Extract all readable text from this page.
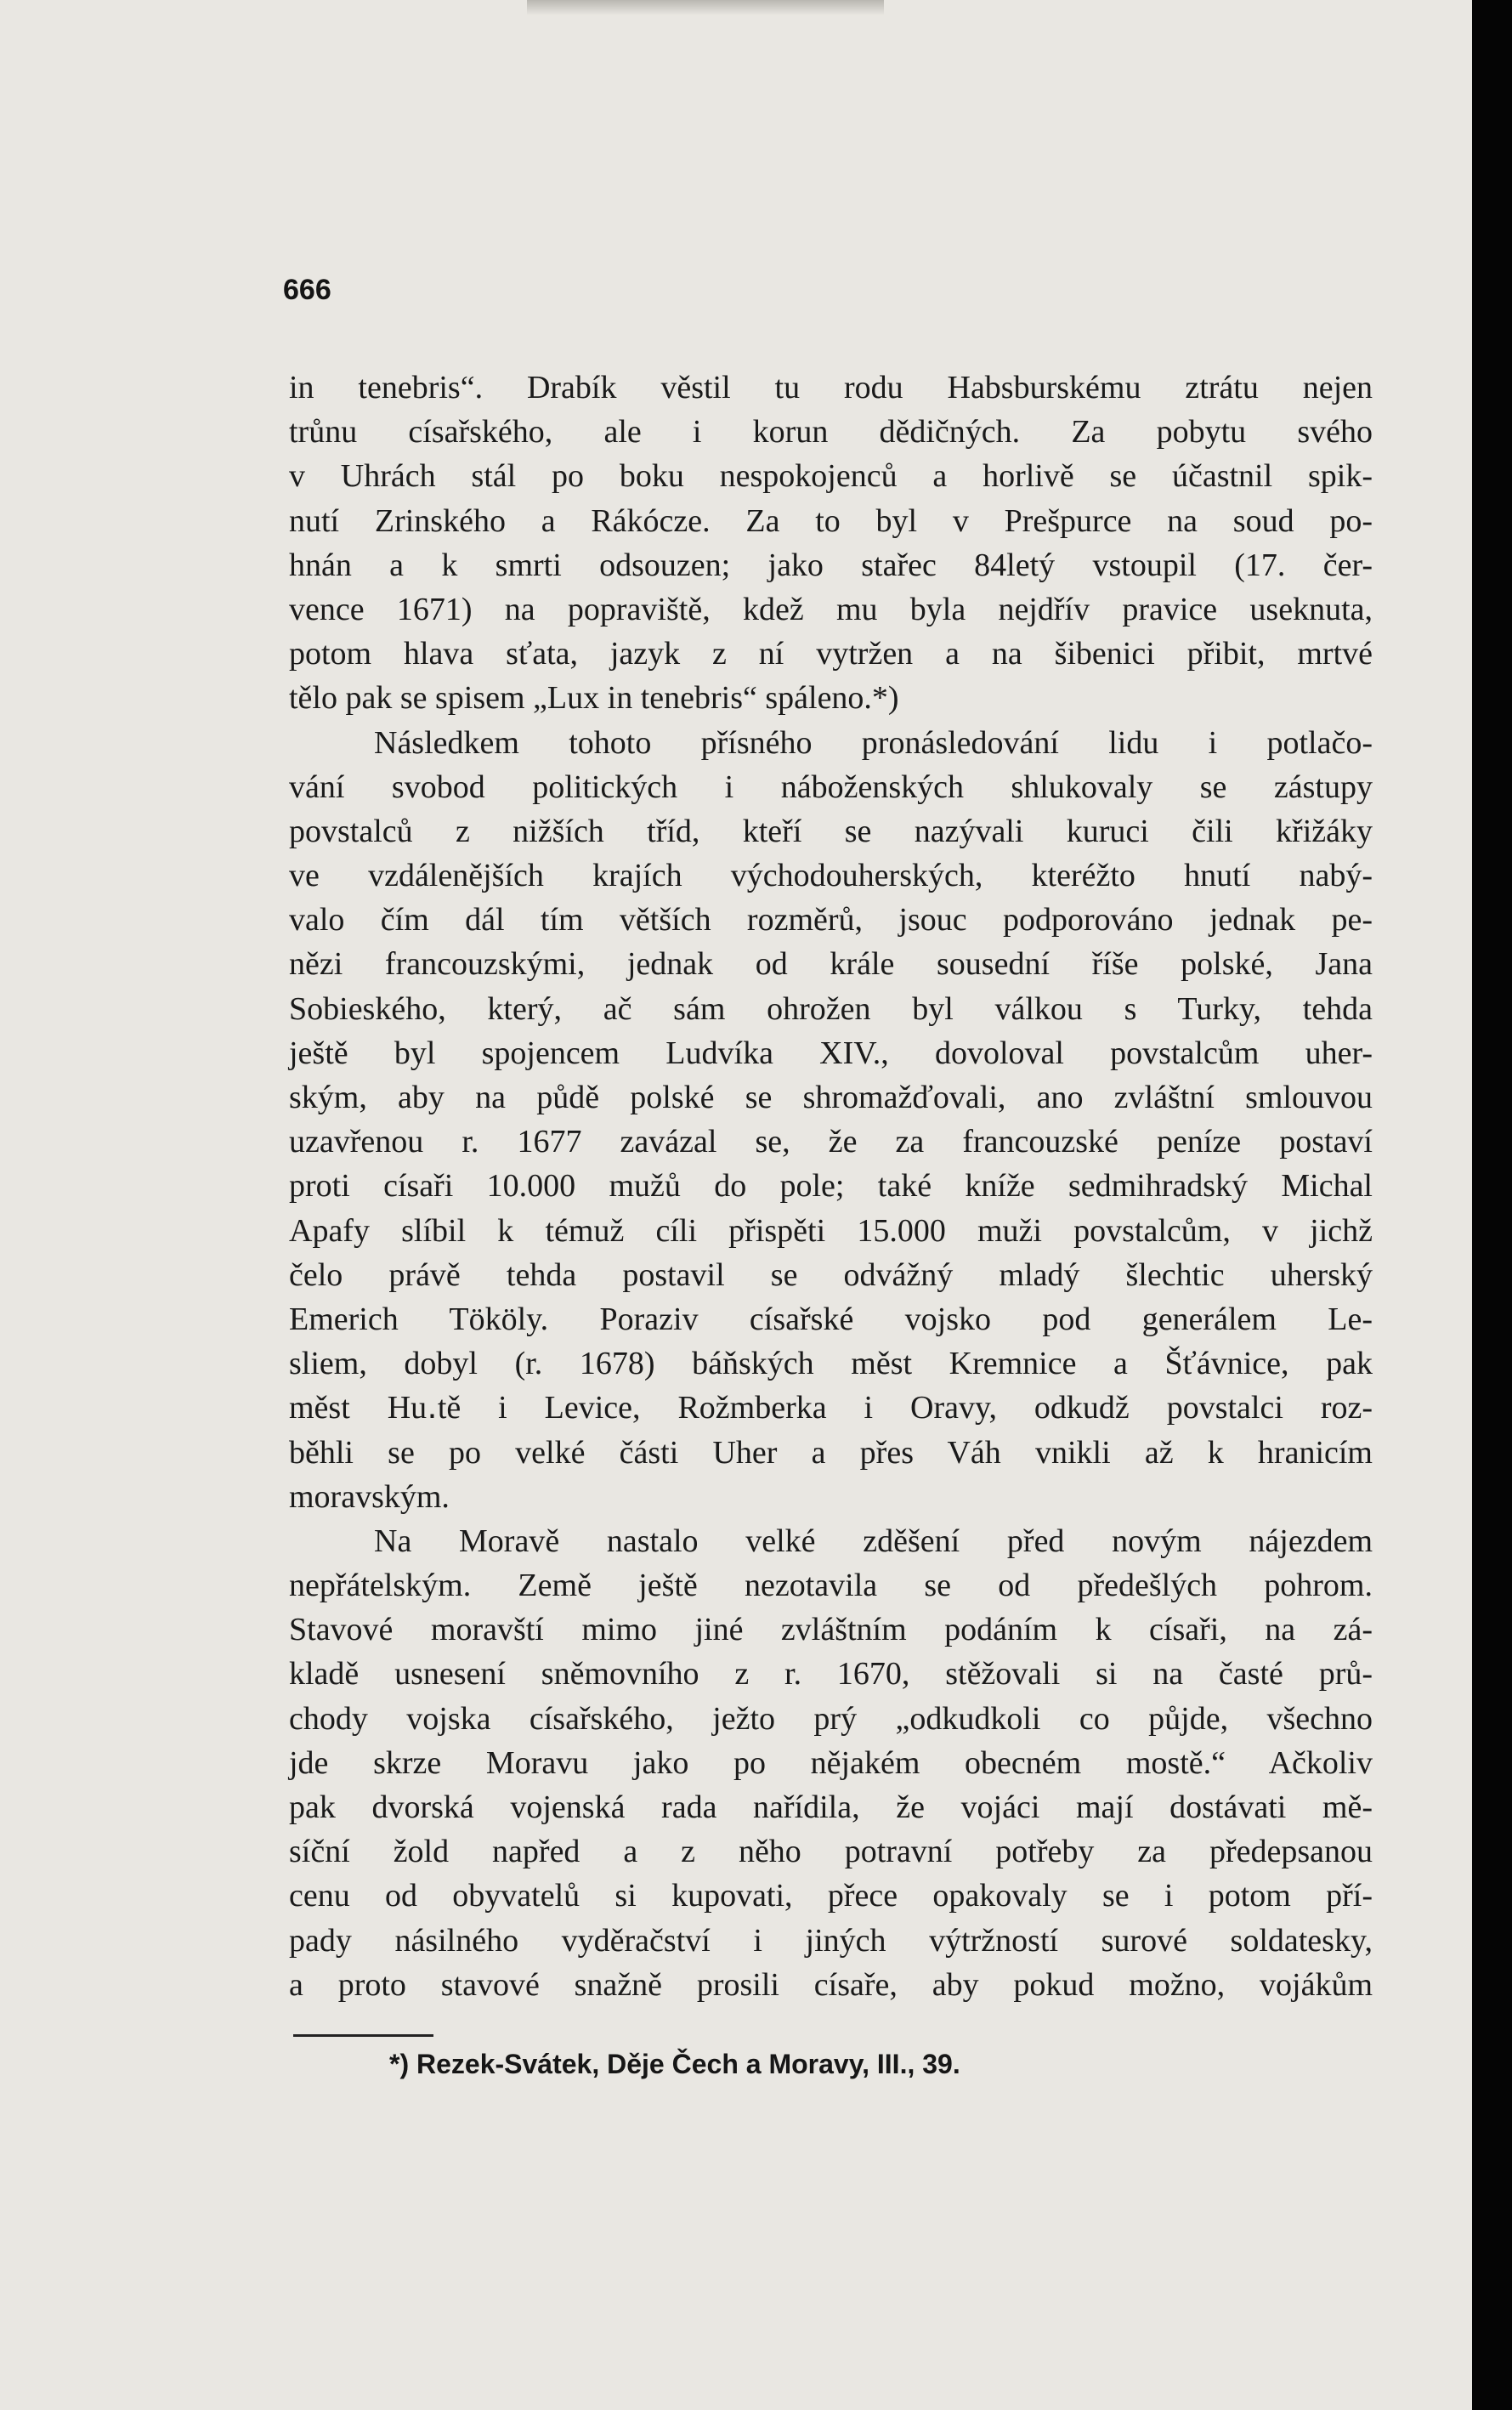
666
in tenebris“. Drabík věstil tu rodu Habsburskému ztrátu nejen
trůnu císařského, ale i korun dědičných. Za pobytu svého
v Uhrách stál po boku nespokojenců a horlivě se účastnil spik-
nutí Zrinského a Rákócze. Za to byl v Prešpurce na soud po-
hnán a k smrti odsouzen; jako stařec 84letý vstoupil (17. čer-
vence 1671) na popraviště, kdež mu byla nejdřív pravice useknuta,
potom hlava sťata, jazyk z ní vytržen a na šibenici přibit, mrtvé
tělo pak se spisem „Lux in tenebris“ spáleno.*)
Následkem tohoto přísného pronásledování lidu i potlačo-
vání svobod politických i náboženských shlukovaly se zástupy
povstalců z nižších tříd, kteří se nazývali kuruci čili křižáky
ve vzdálenějších krajích východouherských, kteréžto hnutí nabý-
valo čím dál tím větších rozměrů, jsouc podporováno jednak pe-
nězi francouzskými, jednak od krále sousední říše polské, Jana
Sobieského, který, ač sám ohrožen byl válkou s Turky, tehda
ještě byl spojencem Ludvíka XIV., dovoloval povstalcům uher-
ským, aby na půdě polské se shromažďovali, ano zvláštní smlouvou
uzavřenou r. 1677 zavázal se, že za francouzské peníze postaví
proti císaři 10.000 mužů do pole; také kníže sedmihradský Michal
Apafy slíbil k témuž cíli přispěti 15.000 muži povstalcům, v jichž
čelo právě tehda postavil se odvážný mladý šlechtic uherský
Emerich Tököly. Poraziv císařské vojsko pod generálem Le-
sliem, dobyl (r. 1678) báňských měst Kremnice a Šťávnice, pak
měst Hu․tě i Levice, Rožmberka i Oravy, odkudž povstalci roz-
běhli se po velké části Uher a přes Váh vnikli až k hranicím
moravským.
Na Moravě nastalo velké zděšení před novým nájezdem
nepřátelským. Země ještě nezotavila se od předešlých pohrom.
Stavové moravští mimo jiné zvláštním podáním k císaři, na zá-
kladě usnesení sněmovního z r. 1670, stěžovali si na časté prů-
chody vojska císařského, ježto prý „odkudkoli co půjde, všechno
jde skrze Moravu jako po nějakém obecném mostě.“ Ačkoliv
pak dvorská vojenská rada nařídila, že vojáci mají dostávati mě-
síční žold napřed a z něho potravní potřeby za předepsanou
cenu od obyvatelů si kupovati, přece opakovaly se i potom pří-
pady násilného vyděračství i jiných výtržností surové soldatesky,
a proto stavové snažně prosili císaře, aby pokud možno, vojákům
*) Rezek-Svátek, Děje Čech a Moravy, III., 39.
